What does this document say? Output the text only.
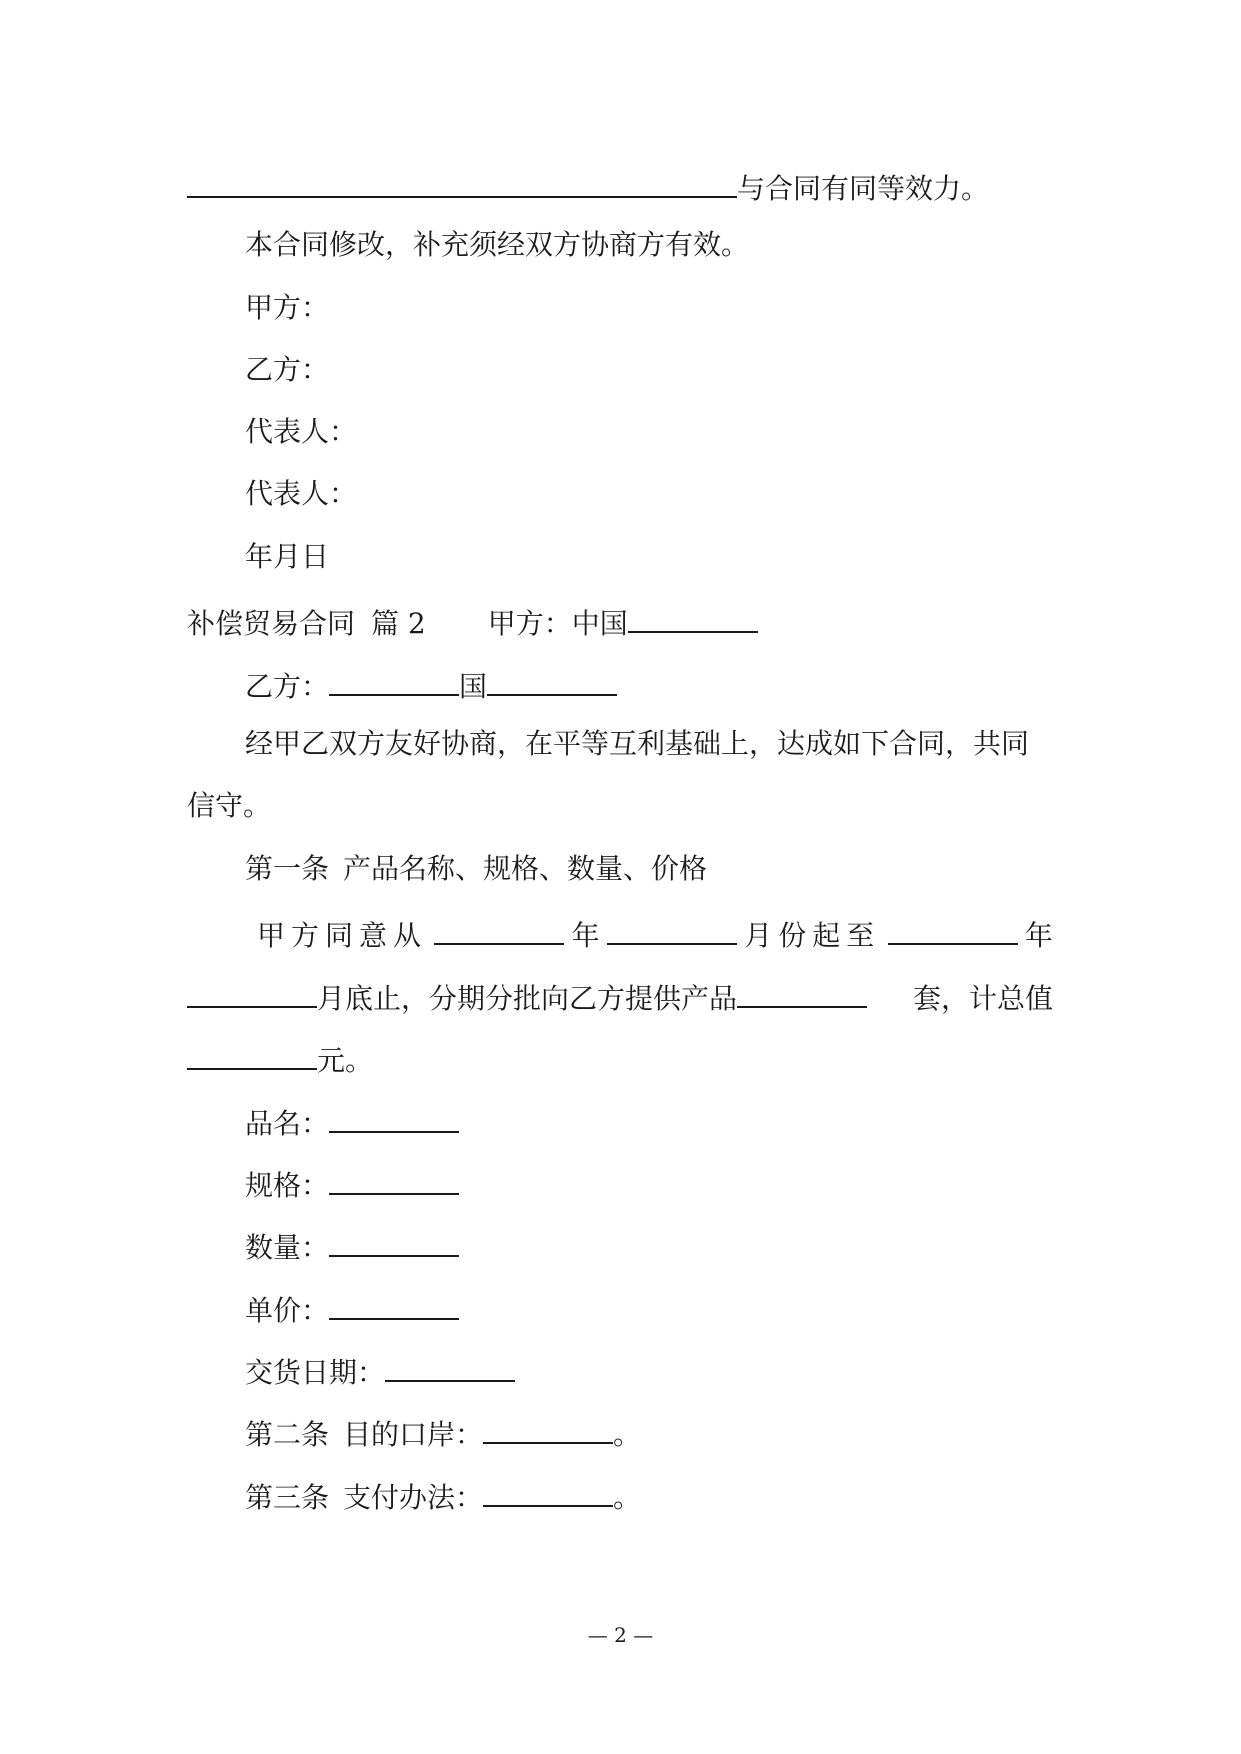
与合同有同等效力。
本合同修改，补充须经双方协商方有效。
甲方：
乙方：
代表人：
代表人：
年月日
补偿贸易合同 篇 2 甲方：中国
乙方：	国
经甲乙双方友好协商，在平等互利基础上，达成如下合同，共同
信守。
第一条 产品名称、规格、数量、价格
甲方同意从	年	月份起至	年
月底止，分期分批向乙方提供产品	套，计总值
元。
品名：
规格：
数量：
单价：
交货日期：
第二条 目的口岸：	。
第三条 支付办法：	。
— 2 —
